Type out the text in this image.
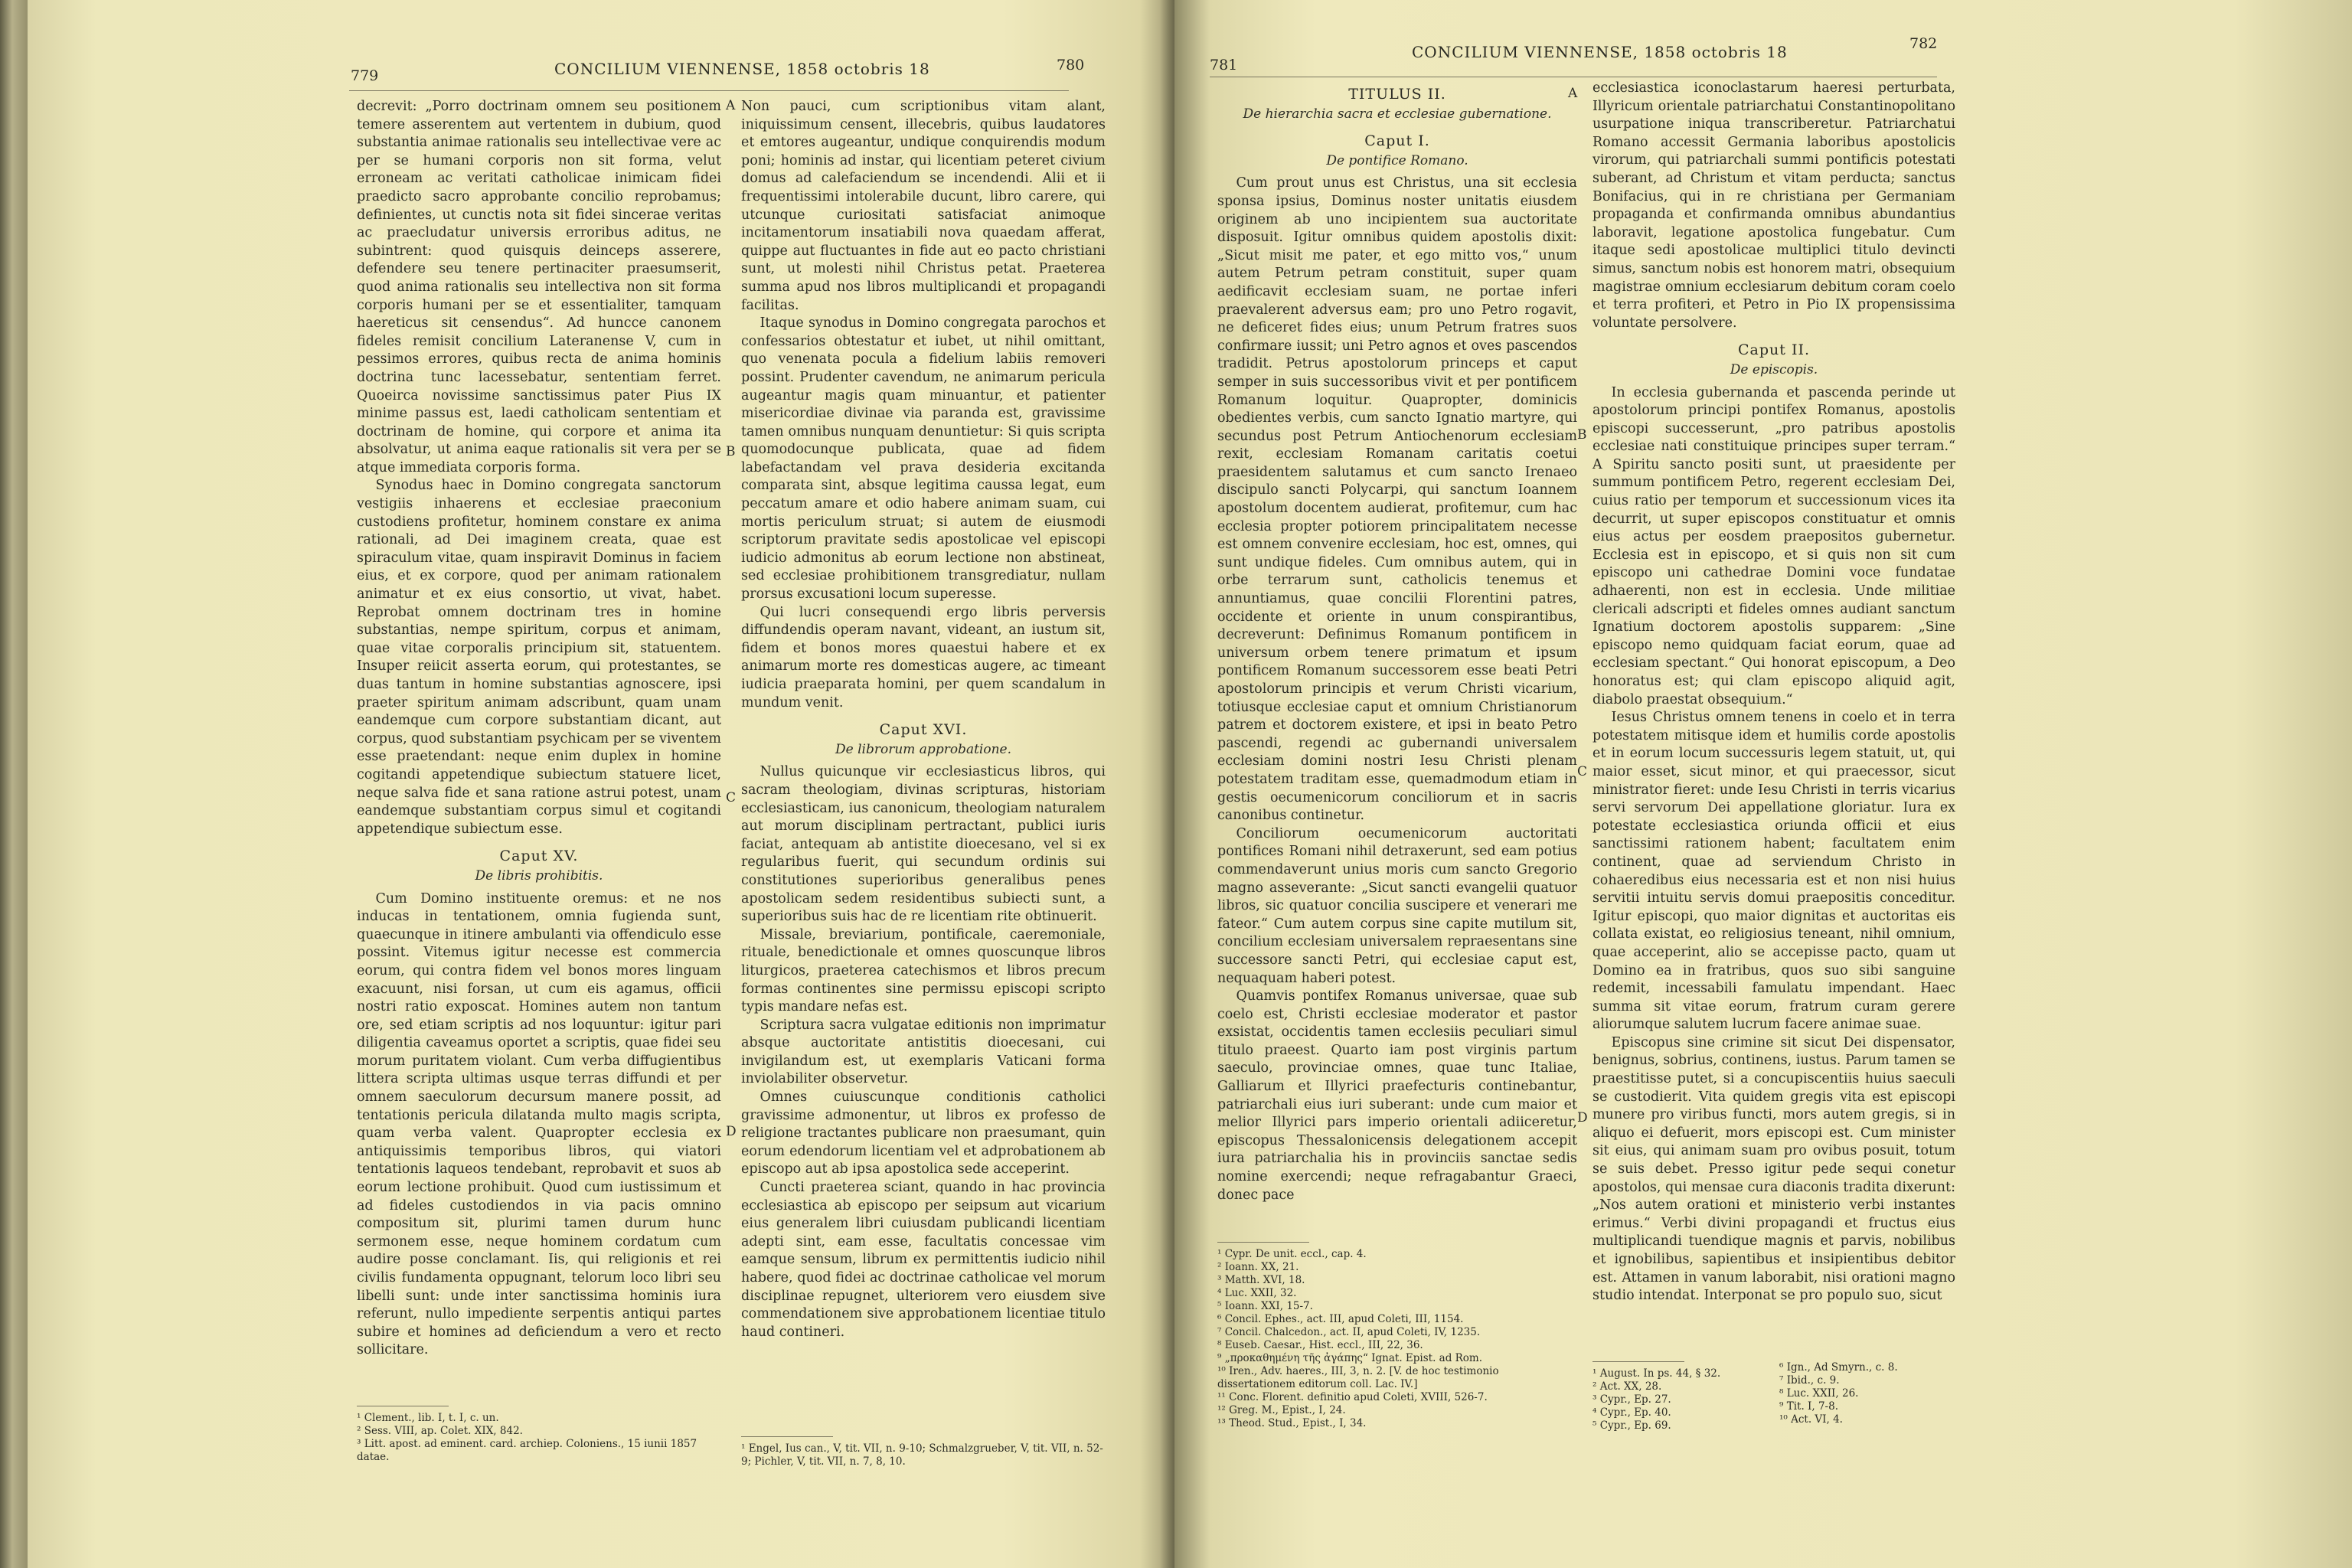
779	CONCILIUM VIENNENSE, 1858 octobris 18	780

decrevit: „Porro doctrinam omnem seu positionem temere asserentem aut vertentem in dubium, quod substantia animae rationalis seu intellectivae vere ac per se humani corporis non sit forma, velut erroneam ac veritati catholicae inimicam fidei praedicto sacro approbante concilio reprobamus; definientes, ut cunctis nota sit fidei sincerae veritas ac praecludatur universis erroribus aditus, ne subintrent: quod quisquis deinceps asserere, defendere seu tenere pertinaciter praesumserit, quod anima rationalis seu intellectiva non sit forma corporis humani per se et essentialiter, tamquam haereticus sit censendus“. Ad huncce canonem fideles remisit concilium Lateranense V, cum in pessimos errores, quibus recta de anima hominis doctrina tunc lacessebatur, sententiam ferret. Quoeirca novissime sanctissimus pater Pius IX minime passus est, laedi catholicam sententiam et doctrinam de homine, qui corpore et anima ita absolvatur, ut anima eaque rationalis sit vera per se atque immediata corporis forma.

Synodus haec in Domino congregata sanctorum vestigiis inhaerens et ecclesiae praeconium custodiens profitetur, hominem constare ex anima rationali, ad Dei imaginem creata, quae est spiraculum vitae, quam inspiravit Dominus in faciem eius, et ex corpore, quod per animam rationalem animatur et ex eius consortio, ut vivat, habet. Reprobat omnem doctrinam tres in homine substantias, nempe spiritum, corpus et animam, quae vitae corporalis principium sit, statuentem. Insuper reiicit asserta eorum, qui protestantes, se duas tantum in homine substantias agnoscere, ipsi praeter spiritum animam adscribunt, quam unam eandemque cum corpore substantiam dicant, aut corpus, quod substantiam psychicam per se viventem esse praetendant: neque enim duplex in homine cogitandi appetendique subiectum statuere licet, neque salva fide et sana ratione astrui potest, unam eandemque substantiam corpus simul et cogitandi appetendique subiectum esse.

Caput XV.
De libris prohibitis.

Cum Domino instituente oremus: et ne nos inducas in tentationem, omnia fugienda sunt, quaecunque in itinere ambulanti via offendiculo esse possint. Vitemus igitur necesse est commercia eorum, qui contra fidem vel bonos mores linguam exacuunt, nisi forsan, ut cum eis agamus, officii nostri ratio exposcat. Homines autem non tantum ore, sed etiam scriptis ad nos loquuntur: igitur pari diligentia caveamus oportet a scriptis, quae fidei seu morum puritatem violant. Cum verba diffugientibus littera scripta ultimas usque terras diffundi et per omnem saeculorum decursum manere possit, ad tentationis pericula dilatanda multo magis scripta, quam verba valent. Quapropter ecclesia ex antiquissimis temporibus libros, qui viatori tentationis laqueos tendebant, reprobavit et suos ab eorum lectione prohibuit. Quod cum iustissimum et ad fideles custodiendos in via pacis omnino compositum sit, plurimi tamen durum hunc sermonem esse, neque hominem cordatum cum audire posse conclamant. Iis, qui religionis et rei civilis fundamenta oppugnant, telorum loco libri seu libelli sunt: unde inter sanctissima hominis iura referunt, nullo impediente serpentis antiqui partes subire et homines ad deficiendum a vero et recto sollicitare.

¹ Clement., lib. I, t. I, c. un.
² Sess. VIII, ap. Colet. XIX, 842.
³ Litt. apost. ad eminent. card. archiep. Coloniens., 15 iunii 1857 datae.
A
B
C
D

Non pauci, cum scriptionibus vitam alant, iniquissimum censent, illecebris, quibus laudatores et emtores augeantur, undique conquirendis modum poni; hominis ad instar, qui licentiam peteret civium domus ad calefaciendum se incendendi. Alii et ii frequentissimi intolerabile ducunt, libro carere, qui utcunque curiositati satisfaciat animoque incitamentorum insatiabili nova quaedam afferat, quippe aut fluctuantes in fide aut eo pacto christiani sunt, ut molesti nihil Christus petat. Praeterea summa apud nos libros multiplicandi et propagandi facilitas.

Itaque synodus in Domino congregata parochos et confessarios obtestatur et iubet, ut nihil omittant, quo venenata pocula a fidelium labiis removeri possint. Prudenter cavendum, ne animarum pericula augeantur magis quam minuantur, et patienter misericordiae divinae via paranda est, gravissime tamen omnibus nunquam denuntietur: Si quis scripta quomodocunque publicata, quae ad fidem labefactandam vel prava desideria excitanda comparata sint, absque legitima caussa legat, eum peccatum amare et odio habere animam suam, cui mortis periculum struat; si autem de eiusmodi scriptorum pravitate sedis apostolicae vel episcopi iudicio admonitus ab eorum lectione non abstineat, sed ecclesiae prohibitionem transgrediatur, nullam prorsus excusationi locum superesse.

Qui lucri consequendi ergo libris perversis diffundendis operam navant, videant, an iustum sit, fidem et bonos mores quaestui habere et ex animarum morte res domesticas augere, ac timeant iudicia praeparata homini, per quem scandalum in mundum venit.

Caput XVI.
De librorum approbatione.

Nullus quicunque vir ecclesiasticus libros, qui sacram theologiam, divinas scripturas, historiam ecclesiasticam, ius canonicum, theologiam naturalem aut morum disciplinam pertractant, publici iuris faciat, antequam ab antistite dioecesano, vel si ex regularibus fuerit, qui secundum ordinis sui constitutiones superioribus generalibus penes apostolicam sedem residentibus subiecti sunt, a superioribus suis hac de re licentiam rite obtinuerit.

Missale, breviarium, pontificale, caeremoniale, rituale, benedictionale et omnes quoscunque libros liturgicos, praeterea catechismos et libros precum formas continentes sine permissu episcopi scripto typis mandare nefas est.

Scriptura sacra vulgatae editionis non imprimatur absque auctoritate antistitis dioecesani, cui invigilandum est, ut exemplaris Vaticani forma inviolabiliter observetur.

Omnes cuiuscunque conditionis catholici gravissime admonentur, ut libros ex professo de religione tractantes publicare non praesumant, quin eorum edendorum licentiam vel et adprobationem ab episcopo aut ab ipsa apostolica sede acceperint.

Cuncti praeterea sciant, quando in hac provincia ecclesiastica ab episcopo per seipsum aut vicarium eius generalem libri cuiusdam publicandi licentiam adepti sint, eam esse, facultatis concessae vim eamque sensum, librum ex permittentis iudicio nihil habere, quod fidei ac doctrinae catholicae vel morum disciplinae repugnet, ulteriorem vero eiusdem sive commendationem sive approbationem licentiae titulo haud contineri.

¹ Engel, Ius can., V, tit. VII, n. 9-10; Schmalzgrueber, V, tit. VII, n. 52-9; Pichler, V, tit. VII, n. 7, 8, 10.
781
CONCILIUM VIENNENSE, 1858 octobris 18	782
TITULUS II.
De hierarchia sacra et ecclesiae gubernatione.
Caput I.
De pontifice Romano.

Cum prout unus est Christus, una sit ecclesia sponsa ipsius, Dominus noster unitatis eiusdem originem ab uno incipientem sua auctoritate disposuit. Igitur omnibus quidem apostolis dixit: „Sicut misit me pater, et ego mitto vos,“ unum autem Petrum petram constituit, super quam aedificavit ecclesiam suam, ne portae inferi praevalerent adversus eam; pro uno Petro rogavit, ne deficeret fides eius; unum Petrum fratres suos confirmare iussit; uni Petro agnos et oves pascendos tradidit. Petrus apostolorum princeps et caput semper in suis successoribus vivit et per pontificem Romanum loquitur. Quapropter, dominicis obedientes verbis, cum sancto Ignatio martyre, qui secundus post Petrum Antiochenorum ecclesiam rexit, ecclesiam Romanam caritatis coetui praesidentem salutamus et cum sancto Irenaeo discipulo sancti Polycarpi, qui sanctum Ioannem apostolum docentem audierat, profitemur, cum hac ecclesia propter potiorem principalitatem necesse est omnem convenire ecclesiam, hoc est, omnes, qui sunt undique fideles. Cum omnibus autem, qui in orbe terrarum sunt, catholicis tenemus et annuntiamus, quae concilii Florentini patres, occidente et oriente in unum conspirantibus, decreverunt: Definimus Romanum pontificem in universum orbem tenere primatum et ipsum pontificem Romanum successorem esse beati Petri apostolorum principis et verum Christi vicarium, totiusque ecclesiae caput et omnium Christianorum patrem et doctorem existere, et ipsi in beato Petro pascendi, regendi ac gubernandi universalem ecclesiam domini nostri Iesu Christi plenam potestatem traditam esse, quemadmodum etiam in gestis oecumenicorum conciliorum et in sacris canonibus continetur.

Conciliorum oecumenicorum auctoritati pontifices Romani nihil detraxerunt, sed eam potius commendaverunt unius moris cum sancto Gregorio magno asseverante: „Sicut sancti evangelii quatuor libros, sic quatuor concilia suscipere et venerari me fateor.“ Cum autem corpus sine capite mutilum sit, concilium ecclesiam universalem repraesentans sine successore sancti Petri, qui ecclesiae caput est, nequaquam haberi potest.

Quamvis pontifex Romanus universae, quae sub coelo est, Christi ecclesiae moderator et pastor exsistat, occidentis tamen ecclesiis peculiari simul titulo praeest. Quarto iam post virginis partum saeculo, provinciae omnes, quae tunc Italiae, Galliarum et Illyrici praefecturis continebantur, patriarchali eius iuri suberant: unde cum maior et melior Illyrici pars imperio orientali adiiceretur, episcopus Thessalonicensis delegationem accepit iura patriarchalia his in provinciis sanctae sedis nomine exercendi; neque refragabantur Graeci, donec pace

¹ Cypr. De unit. eccl., cap. 4.
² Ioann. XX, 21.
³ Matth. XVI, 18.
⁴ Luc. XXII, 32.
⁵ Ioann. XXI, 15-7.
⁶ Concil. Ephes., act. III, apud Coleti, III, 1154.
⁷ Concil. Chalcedon., act. II, apud Coleti, IV, 1235.
⁸ Euseb. Caesar., Hist. eccl., III, 22, 36.
⁹ „προκαθημένη τῆς ἀγάπης“ Ignat. Epist. ad Rom.
¹⁰ Iren., Adv. haeres., III, 3, n. 2. [V. de hoc testimonio dissertationem editorum coll. Lac. IV.]
¹¹ Conc. Florent. definitio apud Coleti, XVIII, 526-7.
¹² Greg. M., Epist., I, 24.
¹³ Theod. Stud., Epist., I, 34.
A
B
C
D

ecclesiastica iconoclastarum haeresi perturbata, Illyricum orientale patriarchatui Constantinopolitano usurpatione iniqua transcriberetur. Patriarchatui Romano accessit Germania laboribus apostolicis virorum, qui patriarchali summi pontificis potestati suberant, ad Christum et vitam perducta; sanctus Bonifacius, qui in re christiana per Germaniam propaganda et confirmanda omnibus abundantius laboravit, legatione apostolica fungebatur. Cum itaque sedi apostolicae multiplici titulo devincti simus, sanctum nobis est honorem matri, obsequium magistrae omnium ecclesiarum debitum coram coelo et terra profiteri, et Petro in Pio IX propensissima voluntate persolvere.

Caput II.
De episcopis.

In ecclesia gubernanda et pascenda perinde ut apostolorum principi pontifex Romanus, apostolis episcopi successerunt, „pro patribus apostolis ecclesiae nati constituique principes super terram.“ A Spiritu sancto positi sunt, ut praesidente per summum pontificem Petro, regerent ecclesiam Dei, cuius ratio per temporum et successionum vices ita decurrit, ut super episcopos constituatur et omnis eius actus per eosdem praepositos gubernetur. Ecclesia est in episcopo, et si quis non sit cum episcopo uni cathedrae Domini voce fundatae adhaerenti, non est in ecclesia. Unde militiae clericali adscripti et fideles omnes audiant sanctum Ignatium doctorem apostolis supparem: „Sine episcopo nemo quidquam faciat eorum, quae ad ecclesiam spectant.“ Qui honorat episcopum, a Deo honoratus est; qui clam episcopo aliquid agit, diabolo praestat obsequium.“

Iesus Christus omnem tenens in coelo et in terra potestatem mitisque idem et humilis corde apostolis et in eorum locum successuris legem statuit, ut, qui maior esset, sicut minor, et qui praecessor, sicut ministrator fieret: unde Iesu Christi in terris vicarius servi servorum Dei appellatione gloriatur. Iura ex potestate ecclesiastica oriunda officii et eius sanctissimi rationem habent; facultatem enim continent, quae ad serviendum Christo in cohaeredibus eius necessaria est et non nisi huius servitii intuitu servis domui praepositis conceditur. Igitur episcopi, quo maior dignitas et auctoritas eis collata existat, eo religiosius teneant, nihil omnium, quae acceperint, alio se accepisse pacto, quam ut Domino ea in fratribus, quos suo sibi sanguine redemit, incessabili famulatu impendant. Haec summa sit vitae eorum, fratrum curam gerere aliorumque salutem lucrum facere animae suae.

Episcopus sine crimine sit sicut Dei dispensator, benignus, sobrius, continens, iustus. Parum tamen se praestitisse putet, si a concupiscentiis huius saeculi se custodierit. Vita quidem gregis vita est episcopi munere pro viribus functi, mors autem gregis, si in aliquo ei defuerit, mors episcopi est. Cum minister sit eius, qui animam suam pro ovibus posuit, totum se suis debet. Presso igitur pede sequi conetur apostolos, qui mensae cura diaconis tradita dixerunt: „Nos autem orationi et ministerio verbi instantes erimus.“ Verbi divini propagandi et fructus eius multiplicandi tuendique magnis et parvis, nobilibus et ignobilibus, sapientibus et insipientibus debitor est. Attamen in vanum laborabit, nisi orationi magno studio intendat. Interponat se pro populo suo, sicut

¹ August. In ps. 44, § 32.
² Act. XX, 28.
³ Cypr., Ep. 27.
⁴ Cypr., Ep. 40.
⁵ Cypr., Ep. 69.
⁶ Ign., Ad Smyrn., c. 8.
⁷ Ibid., c. 9.
⁸ Luc. XXII, 26.
⁹ Tit. I, 7-8.
¹⁰ Act. VI, 4.
